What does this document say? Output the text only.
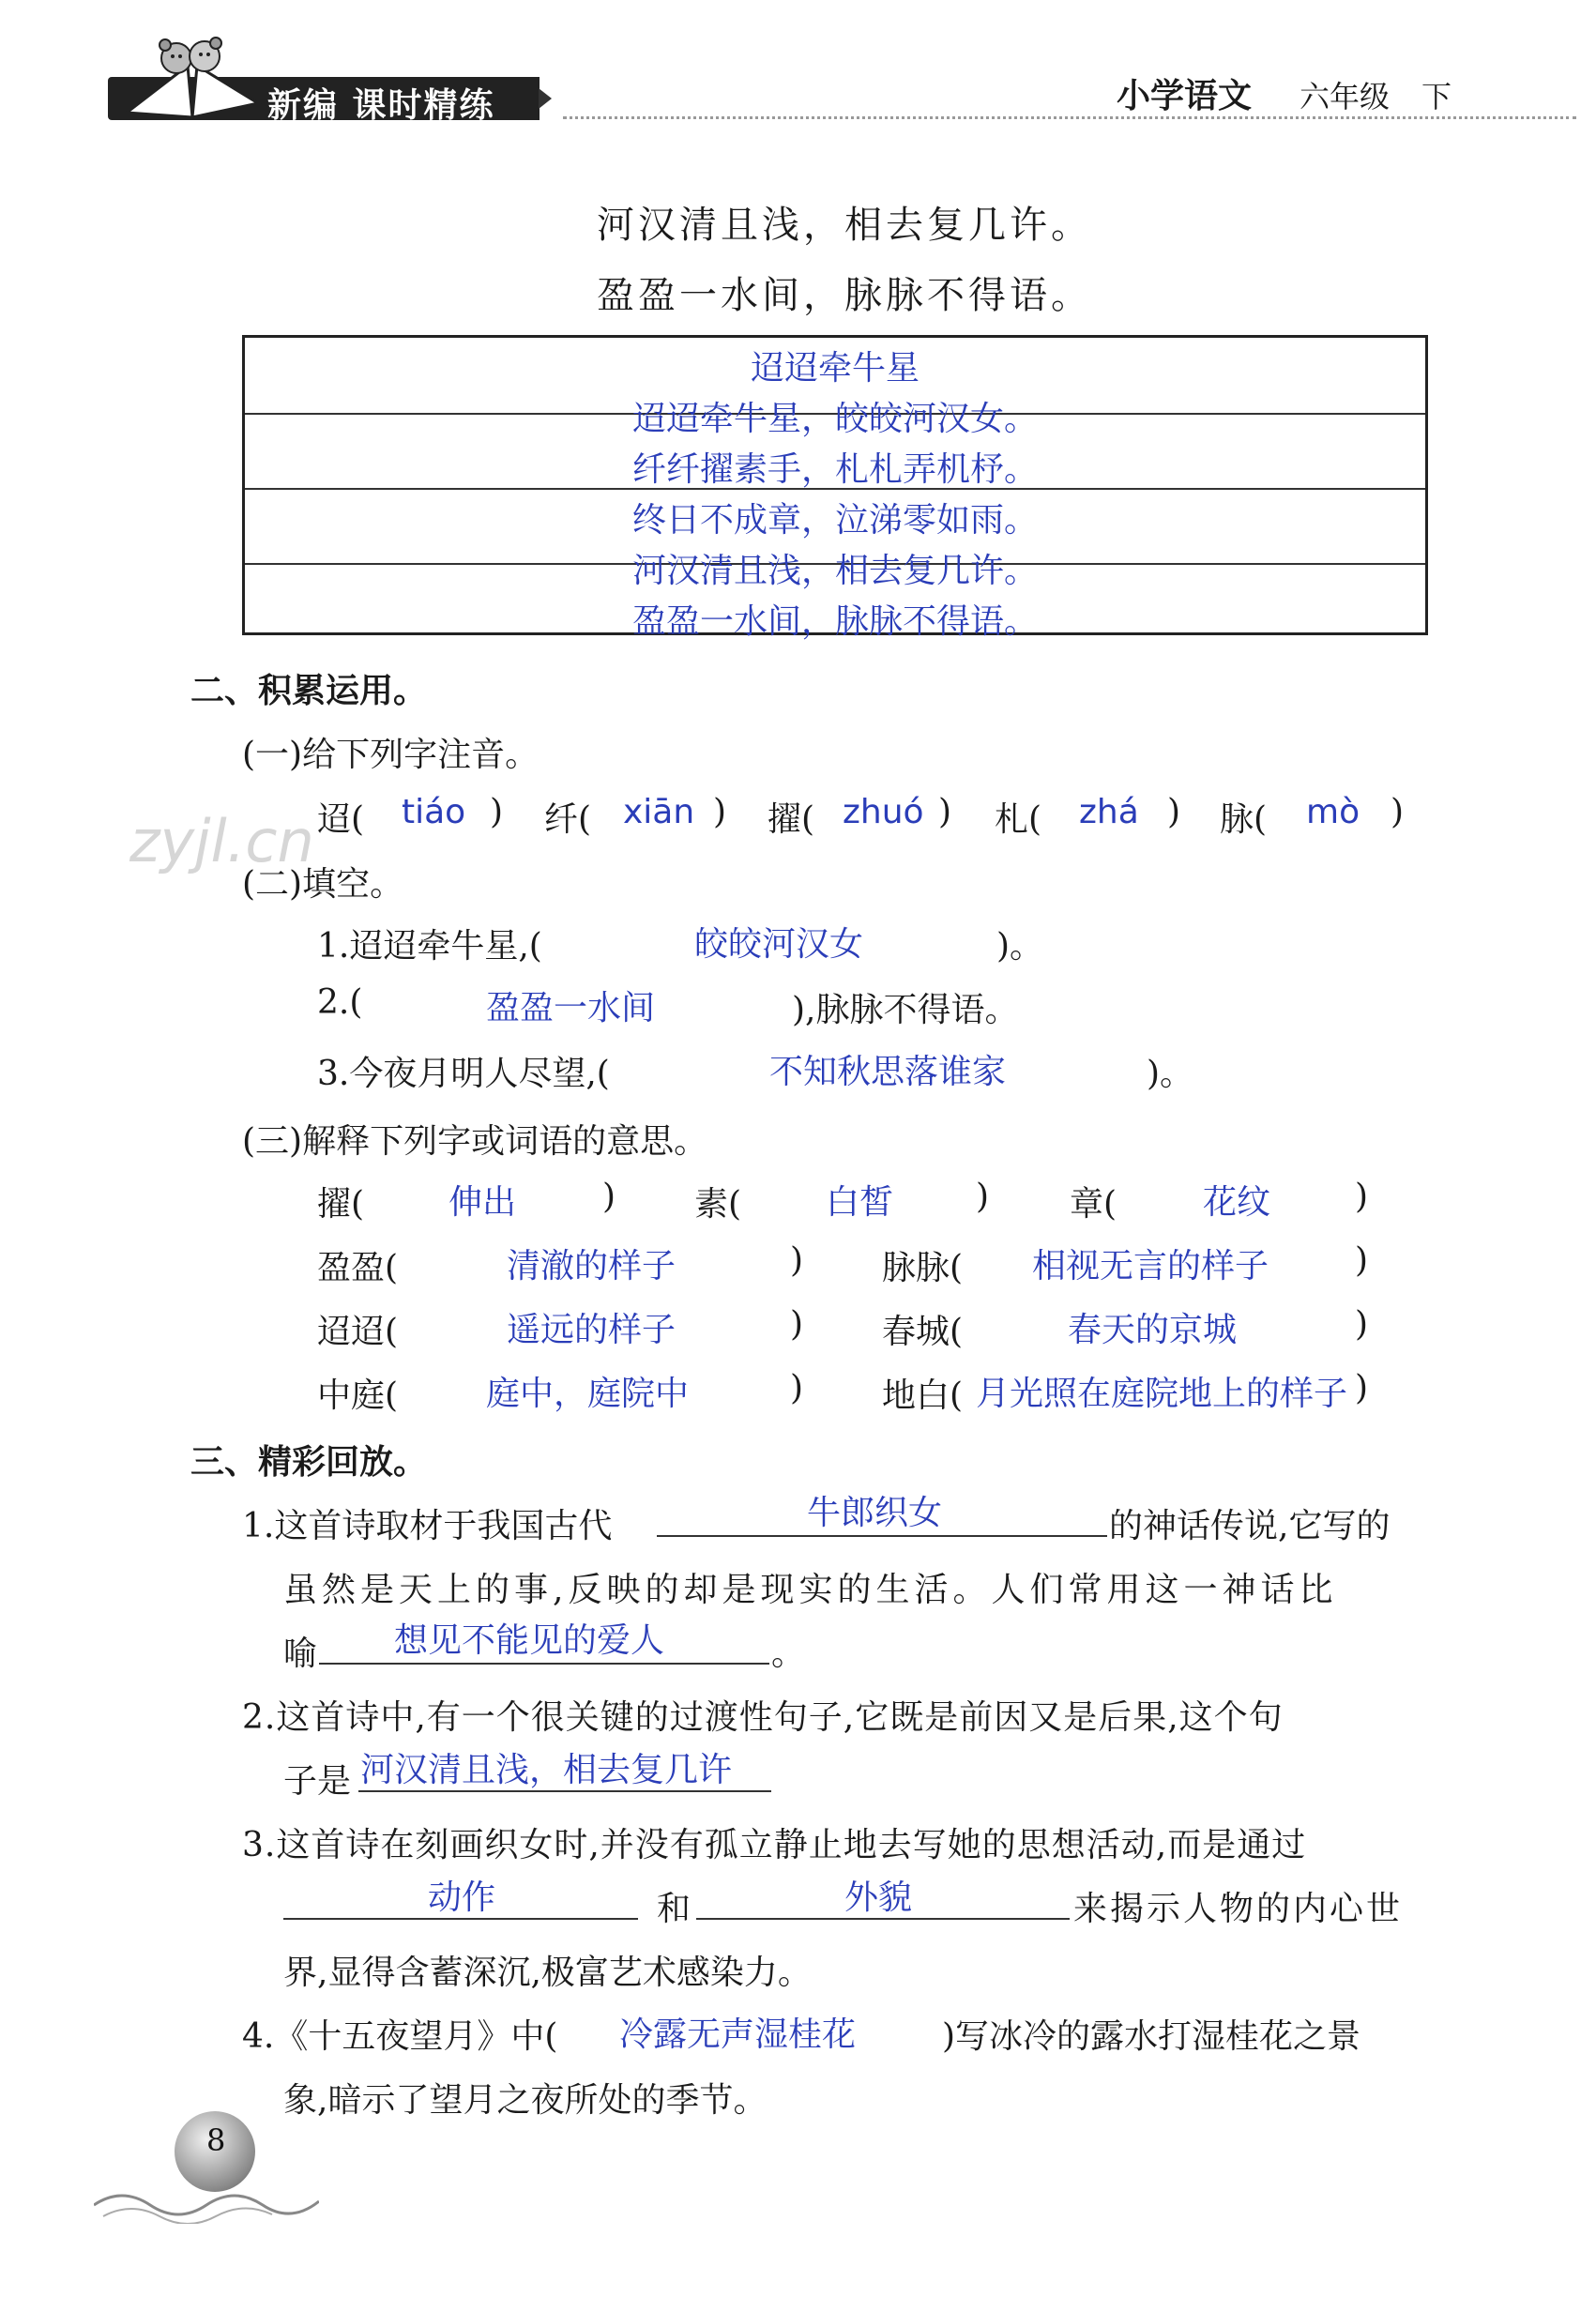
新编 课时精练	小学语文 六年级 下
河汉清且浅，相去复几许。
盈盈一水间，脉脉不得语。
迢迢牵牛星
迢迢牵牛星，皎皎河汉女。
纤纤擢素手，札札弄机杼。
终日不成章，泣涕零如雨。
河汉清且浅，相去复几许。
盈盈一水间，脉脉不得语。
二、积累运用。
(一)给下列字注音。
迢( tiáo ) 纤( xiān ) 擢( zhuó ) 札( zhá ) 脉( mò )
zyjl.cn
(二)填空。
1.迢迢牵牛星,(	皎皎河汉女	)。
2.(	盈盈一水间	),脉脉不得语。
3.今夜月明人尽望,(	不知秋思落谁家	)。
(三)解释下列字或词语的意思。
擢( 伸出	) 素( 白皙 ) 章(	花纹 )
盈盈(	清澈的样子	) 脉脉( 相视无言的样子	)
迢迢(	遥远的样子	) 春城(	春天的京城	)
中庭(	庭中，庭院中	) 地白( 月光照在庭院地上的样子 )
三、精彩回放。
1.这首诗取材于我国古代	牛郎织女	的神话传说,它写的
虽然是天上的事,反映的却是现实的生活。人们常用这一神话比
喻 想见不能见的爱人	。
2.这首诗中,有一个很关键的过渡性句子,它既是前因又是后果,这个句
子是 河汉清且浅，相去复几许
3.这首诗在刻画织女时,并没有孤立静止地去写她的思想活动,而是通过
动作	和	外貌	来揭示人物的内心世
界,显得含蓄深沉,极富艺术感染力。
4.《十五夜望月》中( 冷露无声湿桂花	)写冰冷的露水打湿桂花之景
象,暗示了望月之夜所处的季节。
8
